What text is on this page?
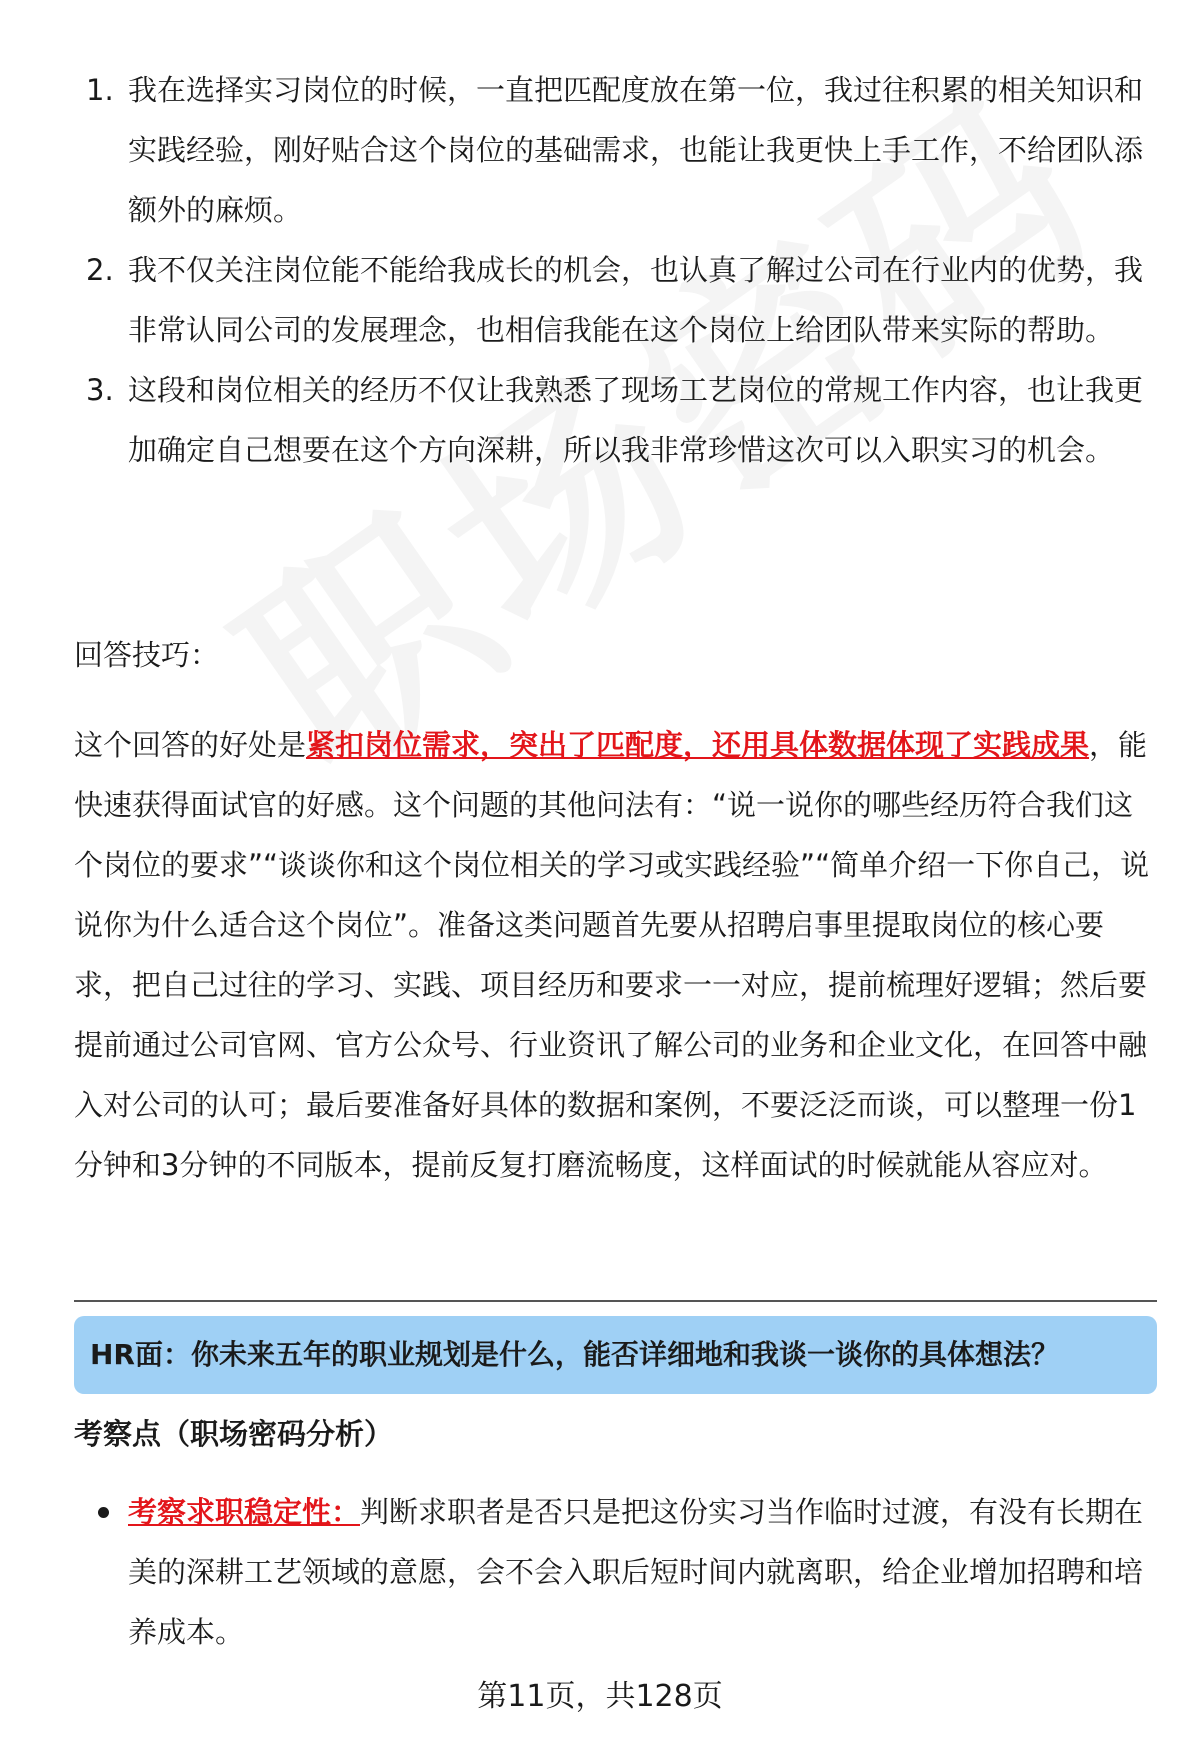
1. 我在选择实习岗位的时候，一直把匹配度放在第一位，我过往积累的相关知识和实践经验，刚好贴合这个岗位的基础需求，也能让我更快上手工作，不给团队添额外的麻烦。
2. 我不仅关注岗位能不能给我成长的机会，也认真了解过公司在行业内的优势，我非常认同公司的发展理念，也相信我能在这个岗位上给团队带来实际的帮助。
3. 这段和岗位相关的经历不仅让我熟悉了现场工艺岗位的常规工作内容，也让我更加确定自己想要在这个方向深耕，所以我非常珍惜这次可以入职实习的机会。

回答技巧：

这个回答的好处是紧扣岗位需求，突出了匹配度，还用具体数据体现了实践成果，能快速获得面试官的好感。这个问题的其他问法有：“说一说你的哪些经历符合我们这个岗位的要求”“谈谈你和这个岗位相关的学习或实践经验”“简单介绍一下你自己，说说你为什么适合这个岗位”。准备这类问题首先要从招聘启事里提取岗位的核心要求，把自己过往的学习、实践、项目经历和要求一一对应，提前梳理好逻辑；然后要提前通过公司官网、官方公众号、行业资讯了解公司的业务和企业文化，在回答中融入对公司的认可；最后要准备好具体的数据和案例，不要泛泛而谈，可以整理一份1分钟和3分钟的不同版本，提前反复打磨流畅度，这样面试的时候就能从容应对。

HR面：你未来五年的职业规划是什么，能否详细地和我谈一谈你的具体想法？
考察点（职场密码分析）
考察求职稳定性：判断求职者是否只是把这份实习当作临时过渡，有没有长期在美的深耕工艺领域的意愿，会不会入职后短时间内就离职，给企业增加招聘和培养成本。
第11页，共128页
